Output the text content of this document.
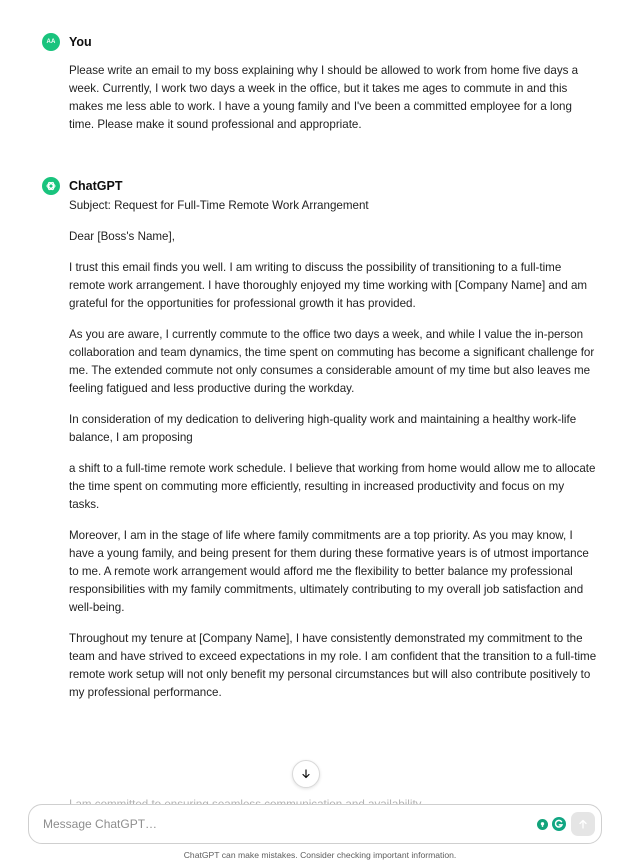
AA	You

Please write an email to my boss explaining why I should be allowed to work from home five days a week. Currently, I work two days a week in the office, but it takes me ages to commute in and this makes me less able to work. I have a young family and I've been a committed employee for a long time. Please make it sound professional and appropriate.

ChatGPT

Subject: Request for Full-Time Remote Work Arrangement

Dear [Boss's Name],

I trust this email finds you well. I am writing to discuss the possibility of transitioning to a full-time remote work arrangement. I have thoroughly enjoyed my time working with [Company Name] and am grateful for the opportunities for professional growth it has provided.

As you are aware, I currently commute to the office two days a week, and while I value the in-person collaboration and team dynamics, the time spent on commuting has become a significant challenge for me. The extended commute not only consumes a considerable amount of my time but also leaves me feeling fatigued and less productive during the workday.

In consideration of my dedication to delivering high-quality work and maintaining a healthy work-life balance, I am proposing

a shift to a full-time remote work schedule. I believe that working from home would allow me to allocate the time spent on commuting more efficiently, resulting in increased productivity and focus on my tasks.

Moreover, I am in the stage of life where family commitments are a top priority. As you may know, I have a young family, and being present for them during these formative years is of utmost importance to me. A remote work arrangement would afford me the flexibility to better balance my professional responsibilities with my family commitments, ultimately contributing to my overall job satisfaction and well-being.

Throughout my tenure at [Company Name], I have consistently demonstrated my commitment to the team and have strived to exceed expectations in my role. I am confident that the transition to a full-time remote work setup will not only benefit my personal circumstances but will also contribute positively to my professional performance.

Message ChatGPT…
ChatGPT can make mistakes. Consider checking important information.
